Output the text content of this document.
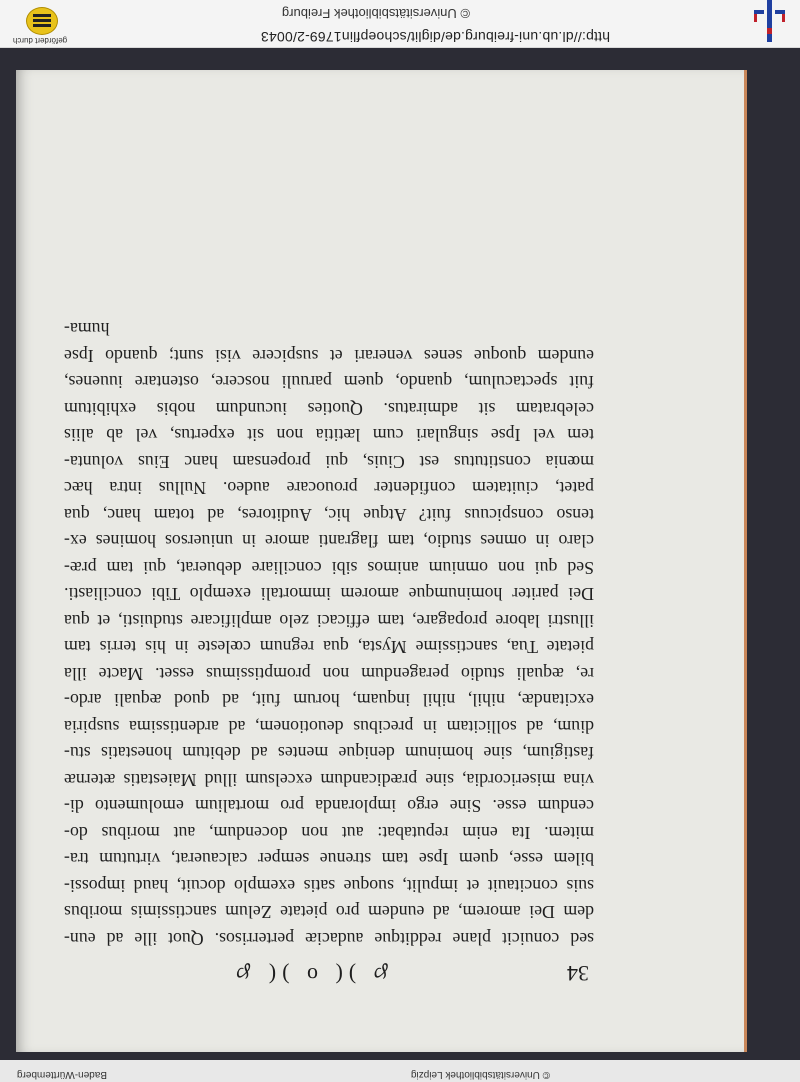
http://dl.ub.uni-freiburg.de/diglit/schoepflin1769-2/0043
© Universitätsbibliothek Freiburg
gefördert durch
34
℘ )( o )( ℘
sed conuicit plane redditque audaciæ perterrisos. Quot ille ad eun-
dem Dei amorem, ad eundem pro pietate Zelum sanctissimis moribus
suis concitauit et impulit, suoque satis exemplo docuit, haud impossi-
bilem esse, quem Ipse tam strenue semper calcauerat, virtutum tra-
mitem. Ita enim reputabat: aut non docendum, aut moribus do-
cendum esse. Sine ergo imploranda pro mortalium emolumento di-
vina misericordia, sine prædicandum excelsum illud Maiestatis æternæ
fastigium, sine hominum denique mentes ad debitum honestatis stu-
dium, ad sollicitam in precibus deuotionem, ad ardentissima suspiria
excitandæ, nihil, nihil inquam, horum fuit, ad quod æquali ardo-
re, æquali studio peragendum non promptissimus esset. Macte illa
pietate Tua, sanctissime Mysta, qua regnum cœleste in his terris tam
illustri labore propagare, tam efficaci zelo amplificare studuisti, et qua
Dei pariter hominumque amorem immortali exemplo Tibi conciliasti.
Sed qui non omnium animos sibi conciliare debuerat, qui tam præ-
claro in omnes studio, tam flagranti amore in uniuersos homines ex-
tenso conspicuus fuit? Atque hic, Auditores, ad totam hanc, qua
patet, ciuitatem confidenter prouocare audeo. Nullus intra hæc
mœnia constitutus est Ciuis, qui propensam hanc Eius volunta-
tem vel Ipse singulari cum lætitia non sit expertus, vel ab aliis
celebratam sit admiratus. Quoties iucundum nobis exhibitum
fuit spectaculum, quando, quem paruuli noscere, ostentare iuuenes,
eundem quoque senes venerari et suspicere visi sunt; quando Ipse
huma-
Baden-Württemberg	© Universitätsbibliothek Leipzig
